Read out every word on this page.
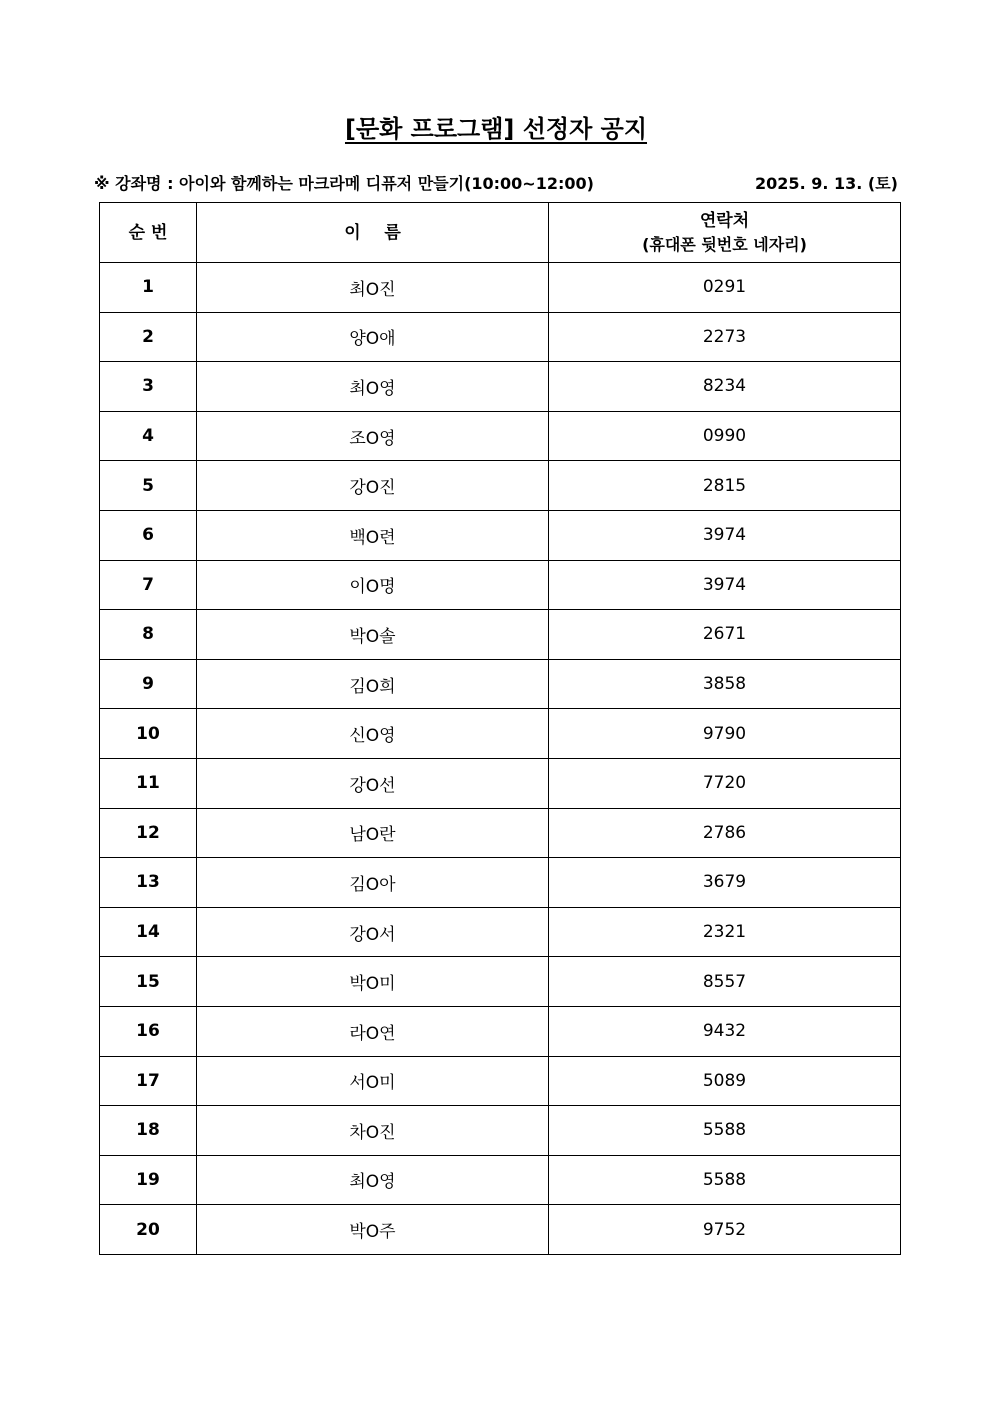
[문화 프로그램] 선정자 공지
※ 강좌명 : 아이와 함께하는 마크라메 디퓨저 만들기(10:00~12:00)	2025. 9. 13. (토)
순 번	이    름	연락처
(휴대폰 뒷번호 네자리)

1	최O진	0291
2	양O애	2273
3	최O영	8234
4	조O영	0990
5	강O진	2815
6	백O련	3974
7	이O명	3974
8	박O솔	2671
9	김O희	3858
10	신O영	9790
11	강O선	7720
12	남O란	2786
13	김O아	3679
14	강O서	2321
15	박O미	8557
16	라O연	9432
17	서O미	5089
18	차O진	5588
19	최O영	5588
20	박O주	9752
